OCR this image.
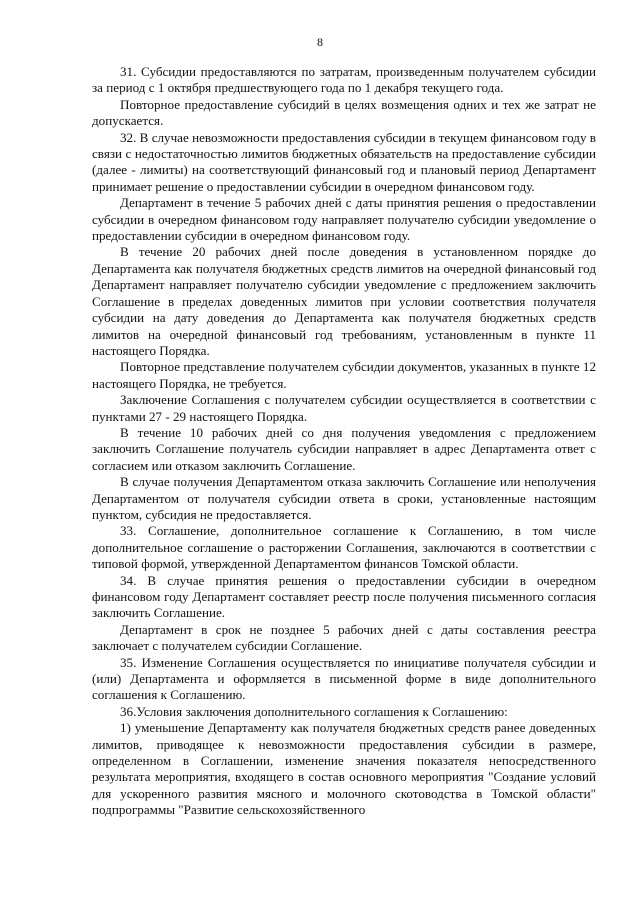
8

31. Субсидии предоставляются по затратам, произведенным получателем субсидии за период с 1 октября предшествующего года по 1 декабря текущего года.

Повторное предоставление субсидий в целях возмещения одних и тех же затрат не допускается.

32. В случае невозможности предоставления субсидии в текущем финансовом году в связи с недостаточностью лимитов бюджетных обязательств на предоставление субсидии (далее - лимиты) на соответствующий финансовый год и плановый период Департамент принимает решение о предоставлении субсидии в очередном финансовом году.

Департамент в течение 5 рабочих дней с даты принятия решения о предоставлении субсидии в очередном финансовом году направляет получателю субсидии уведомление о предоставлении субсидии в очередном финансовом году.

В течение 20 рабочих дней после доведения в установленном порядке до Департамента как получателя бюджетных средств лимитов на очередной финансовый год Департамент направляет получателю субсидии уведомление с предложением заключить Соглашение в пределах доведенных лимитов при условии соответствия получателя субсидии на дату доведения до Департамента как получателя бюджетных средств лимитов на очередной финансовый год требованиям, установленным в пункте 11 настоящего Порядка.

Повторное представление получателем субсидии документов, указанных в пункте 12 настоящего Порядка, не требуется.

Заключение Соглашения с получателем субсидии осуществляется в соответствии с пунктами 27 - 29 настоящего Порядка.

В течение 10 рабочих дней со дня получения уведомления с предложением заключить Соглашение получатель субсидии направляет в адрес Департамента ответ с согласием или отказом заключить Соглашение.

В случае получения Департаментом отказа заключить Соглашение или неполучения Департаментом от получателя субсидии ответа в сроки, установленные настоящим пунктом, субсидия не предоставляется.

33. Соглашение, дополнительное соглашение к Соглашению, в том числе дополнительное соглашение о расторжении Соглашения, заключаются в соответствии с типовой формой, утвержденной Департаментом финансов Томской области.

34. В случае принятия решения о предоставлении субсидии в очередном финансовом году Департамент составляет реестр после получения письменного согласия заключить Соглашение.

Департамент в срок не позднее 5 рабочих дней с даты составления реестра заключает с получателем субсидии Соглашение.

35. Изменение Соглашения осуществляется по инициативе получателя субсидии и (или) Департамента и оформляется в письменной форме в виде дополнительного соглашения к Соглашению.

36.Условия заключения дополнительного соглашения к Соглашению:

1) уменьшение Департаменту как получателя бюджетных средств ранее доведенных лимитов, приводящее к невозможности предоставления субсидии в размере, определенном в Соглашении, изменение значения показателя непосредственного результата мероприятия, входящего в состав основного мероприятия "Создание условий для ускоренного развития мясного и молочного скотоводства в Томской области" подпрограммы "Развитие сельскохозяйственного
